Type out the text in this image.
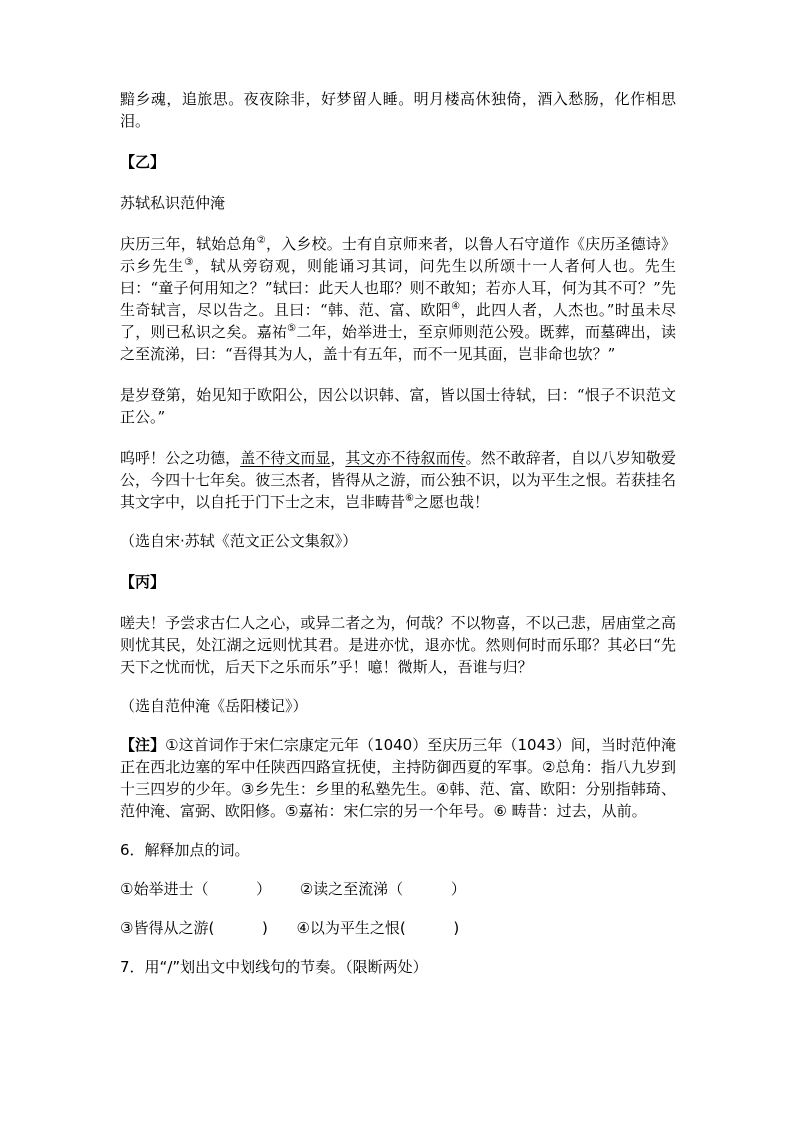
黯乡魂，追旅思。夜夜除非，好梦留人睡。明月楼高休独倚，酒入愁肠，化作相思泪。

【乙】

苏轼私识范仲淹

庆历三年，轼始总角②，入乡校。士有自京师来者，以鲁人石守道作《庆历圣德诗》示乡先生③，轼从旁窃观，则能诵习其词，问先生以所颂十一人者何人也。先生曰：“童子何用知之？”轼曰：此天人也耶？则不敢知；若亦人耳，何为其不可？”先生奇轼言，尽以告之。且曰：“韩、范、富、欧阳④，此四人者，人杰也。”时虽未尽了，则已私识之矣。嘉祐⑤二年，始举进士，至京师则范公殁。既葬，而墓碑出，读之至流涕，曰：“吾得其为人，盖十有五年，而不一见其面，岂非命也欤？”

是岁登第，始见知于欧阳公，因公以识韩、富，皆以国士待轼，曰：“恨子不识范文正公。”

呜呼！公之功德，盖不待文而显，其文亦不待叙而传。然不敢辞者，自以八岁知敬爱公，今四十七年矣。彼三杰者，皆得从之游，而公独不识，以为平生之恨。若获挂名其文字中，以自托于门下士之末，岂非畴昔⑥之愿也哉！

（选自宋·苏轼《范文正公文集叙》）

【丙】

嗟夫！予尝求古仁人之心，或异二者之为，何哉？不以物喜，不以己悲，居庙堂之高则忧其民，处江湖之远则忧其君。是进亦忧，退亦忧。然则何时而乐耶？其必曰“先天下之忧而忧，后天下之乐而乐”乎！噫！微斯人，吾谁与归？

（选自范仲淹《岳阳楼记》）

【注】①这首词作于宋仁宗康定元年（1040）至庆历三年（1043）间，当时范仲淹正在西北边塞的军中任陕西四路宣抚使，主持防御西夏的军事。②总角：指八九岁到十三四岁的少年。③乡先生：乡里的私塾先生。④韩、范、富、欧阳：分别指韩琦、范仲淹、富弼、欧阳修。⑤嘉祐：宋仁宗的另一个年号。⑥ 畴昔：过去，从前。

6．解释加点的词。

①始举进士（          ）      ②读之至流涕（          ）

③皆得从之游(          )      ④以为平生之恨(          )

7．用“/”划出文中划线句的节奏。（限断两处）
